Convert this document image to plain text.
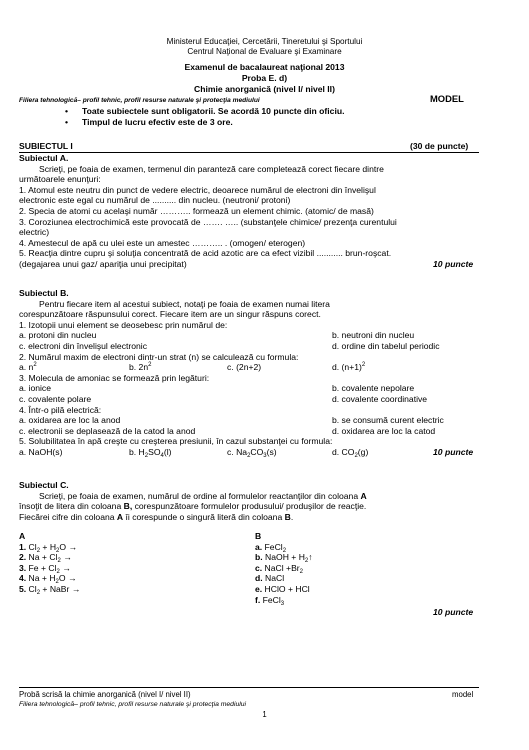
Ministerul Educaţiei, Cercetării, Tineretului şi Sportului
Centrul Naţional de Evaluare şi Examinare
Examenul de bacalaureat naţional 2013
Proba E. d)
Chimie anorganică (nivel I/ nivel II)
Filiera tehnologică– profil tehnic, profil resurse naturale şi protecţia mediului	MODEL
• Toate subiectele sunt obligatorii. Se acordă 10 puncte din oficiu.
• Timpul de lucru efectiv este de 3 ore.
SUBIECTUL I	(30 de puncte)
Subiectul A.
Scrieţi, pe foaia de examen, termenul din paranteză care completează corect fiecare dintre
următoarele enunţuri:
1. Atomul este neutru din punct de vedere electric, deoarece numărul de electroni din învelişul
electronic este egal cu numărul de .......... din nucleu. (neutroni/ protoni)
2. Specia de atomi cu acelaşi număr ……….. formează un element chimic. (atomic/ de masă)
3. Coroziunea electrochimică este provocată de ……. ….. (substanţele chimice/ prezenţa curentului
electric)
4. Amestecul de apă cu ulei este un amestec ……….. . (omogen/ eterogen)
5. Reacţia dintre cupru şi soluţia concentrată de acid azotic are ca efect vizibil ........... brun-roşcat.
(degajarea unui gaz/ apariţia unui precipitat)	10 puncte
Subiectul B.
Pentru fiecare item al acestui subiect, notaţi pe foaia de examen numai litera
corespunzătoare răspunsului corect. Fiecare item are un singur răspuns corect.
1. Izotopii unui element se deosebesc prin numărul de:
a. protoni din nucleu	b. neutroni din nucleu
c. electroni din învelişul electronic	d. ordine din tabelul periodic
2. Numărul maxim de electroni dintr-un strat (n) se calculează cu formula:
a. $n^2$	b. $2n^2$	c. (2n+2)	d. $(n+1)^2$
3. Molecula de amoniac se formează prin legături:
a. ionice	b. covalente nepolare
c. covalente polare	d. covalente coordinative
4. Într-o pilă electrică:
a. oxidarea are loc la anod	b. se consumă curent electric
c. electronii se deplasează de la catod la anod	d. oxidarea are loc la catod
5. Solubilitatea în apă creşte cu creşterea presiunii, în cazul substanţei cu formula:
a. NaOH(s)	b. $H_2SO_4(l)$	c. $Na_2CO_3(s)$	d. $CO_2(g)$	10 puncte
Subiectul C.
Scrieţi, pe foaia de examen, numărul de ordine al formulelor reactanţilor din coloana A
însoţit de litera din coloana B, corespunzătoare formulelor produsului/ produşilor de reacţie.
Fiecărei cifre din coloana A îi corespunde o singură literă din coloana B.
A	B
1. $Cl_2 + H_2O$ →	a. FeCl$_2$
2. $Na + Cl_2$ →	b. NaOH + $H_2↑$
3. $Fe + Cl_2$ →	c. NaCl $+Br_2$
4. $Na + H_2O$ →	d. NaCl
5. $Cl_2$ + NaBr →	e. HClO + HCl
f. FeCl$_3$
10 puncte
Probă scrisă la chimie anorganică (nivel I/ nivel II)	model
Filiera tehnologică– profil tehnic, profil resurse naturale şi protecţia mediului
1
